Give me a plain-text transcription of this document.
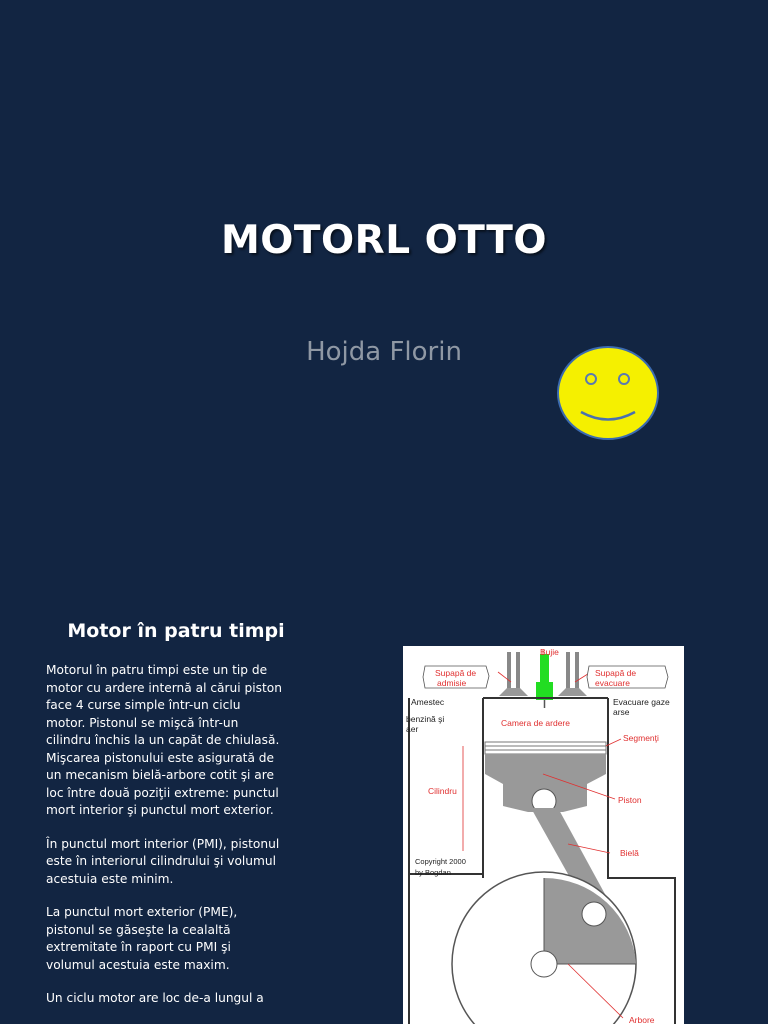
MOTORL OTTO
Hojda Florin
Motor în patru timpi

Motorul în patru timpi este un tip de motor cu ardere internă al cărui piston face 4 curse simple într-un ciclu motor. Pistonul se mişcă într-un cilindru închis la un capăt de chiulasă. Mişcarea pistonului este asigurată de un mecanism bielă-arbore cotit şi are loc între două poziţii extreme: punctul mort interior şi punctul mort exterior.

În punctul mort interior (PMI), pistonul este în interiorul cilindrului şi volumul acestuia este minim.

La punctul mort exterior (PME), pistonul se găseşte la cealaltă extremitate în raport cu PMI şi volumul acestuia este maxim.

Un ciclu motor are loc de-a lungul a

Bujie
Supapă de
admisie
Supapă de
evacuare
Amestec
benzină şi
aer
Evacuare gaze
arse
Camera de ardere
Segmenţi
Cilindru
Piston
Bielă
Copyright 2000
by Bogdan
Arbore
